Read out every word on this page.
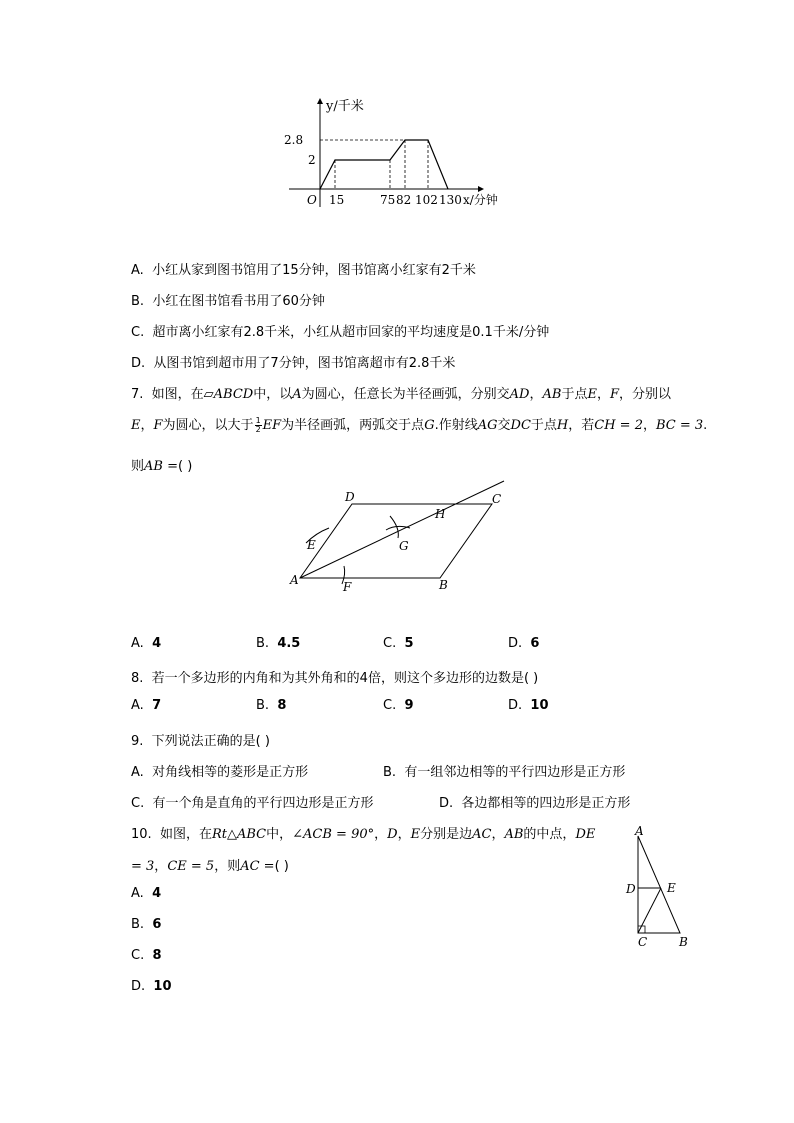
y/千米
2.8
2
O 15	75 82 102 130 x/分钟
A. 小红从家到图书馆用了15分钟，图书馆离小红家有2千米
B. 小红在图书馆看书用了60分钟
C. 超市离小红家有2.8千米，小红从超市回家的平均速度是0.1千米/分钟
D. 从图书馆到超市用了7分钟，图书馆离超市有2.8千米
7. 如图，在▱ABCD中，以A为圆心，任意长为半径画弧，分别交AD，AB于点E，F，分别以
E，F为圆心，以大于 $\frac{1}{2}$ EF为半径画弧，两弧交于点G.作射线AG交DC于点H，若CH = 2，BC = 3.
则AB =( )
A	B
C
D
E
F
G
H
A. 4	B. 4.5	C. 5	D. 6
8. 若一个多边形的内角和为其外角和的4倍，则这个多边形的边数是( )
A. 7	B. 8	C. 9	D. 10
9. 下列说法正确的是( )
A. 对角线相等的菱形是正方形	B. 有一组邻边相等的平行四边形是正方形
C. 有一个角是直角的平行四边形是正方形	D. 各边都相等的四边形是正方形
10. 如图，在Rt△ABC中，∠ACB = 90°，D，E分别是边AC，AB的中点，DE
= 3，CE = 5，则AC =( )
A. 4
B. 6
C. 8
D. 10
A
D	E
C	B
